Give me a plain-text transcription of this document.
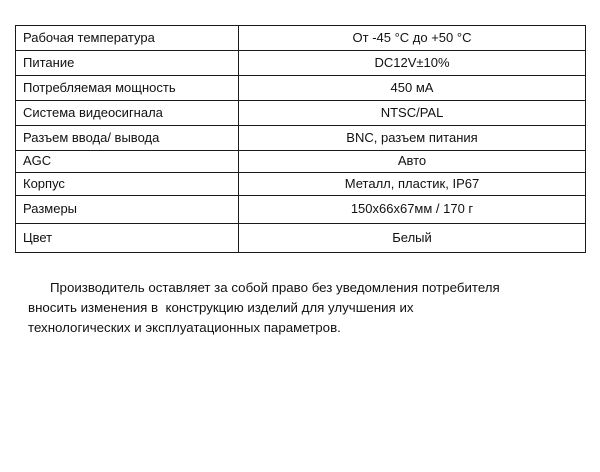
Рабочая температура	От -45 °С до +50 °С
Питание	DC12V±10%
Потребляемая мощность	450 мА
Система видеосигнала	NTSC/PAL
Разъем ввода/ вывода	BNC, разъем питания
AGC	Авто
Корпус	Металл, пластик, IP67
Размеры	150х66х67мм / 170 г
Цвет	Белый

Производитель оставляет за собой право без уведомления потребителя
вносить изменения в  конструкцию изделий для улучшения их
технологических и эксплуатационных параметров.
